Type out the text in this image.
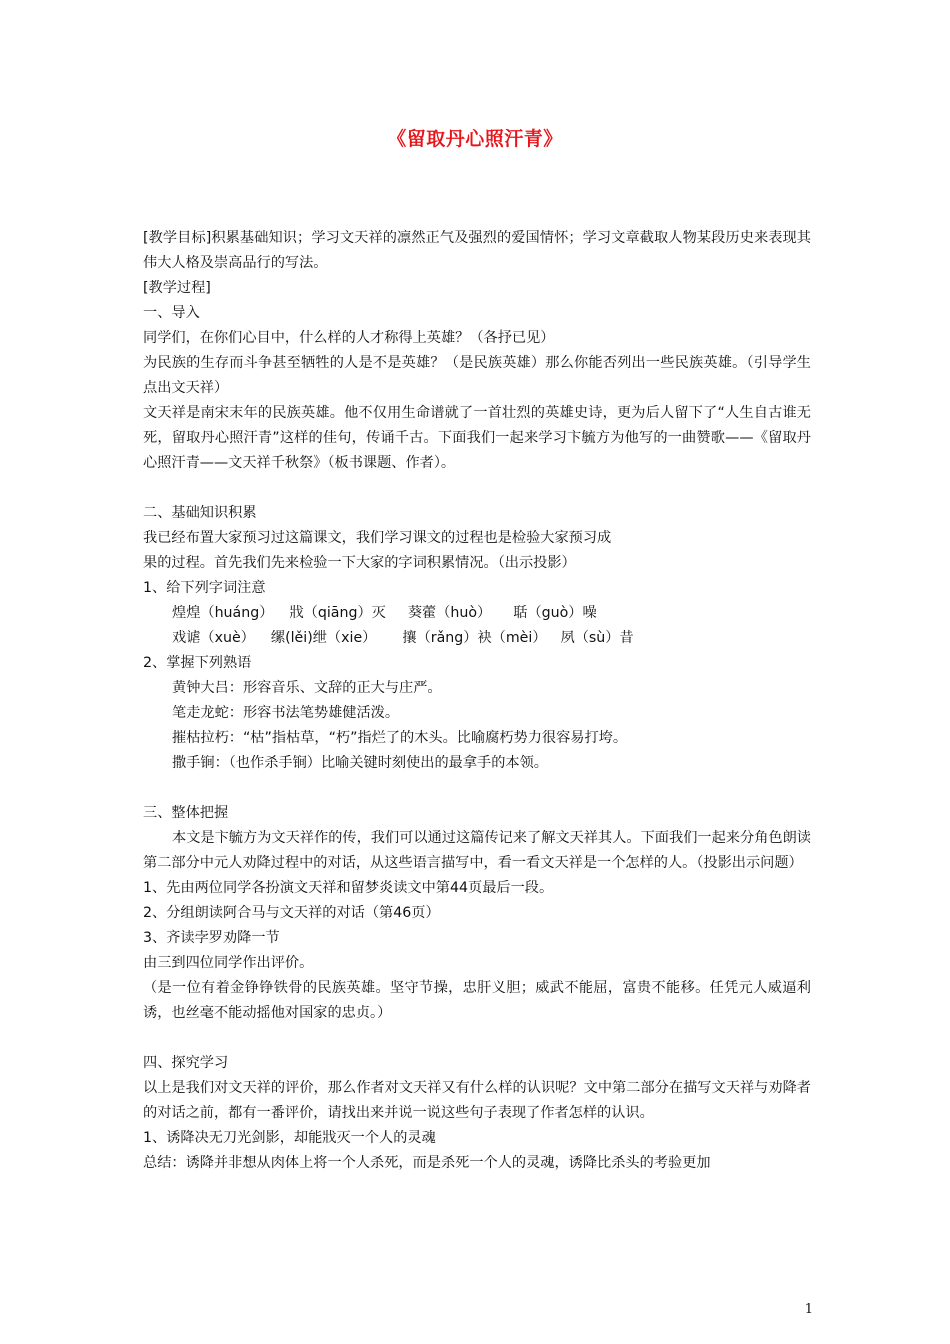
《留取丹心照汗青》

[教学目标]积累基础知识；学习文天祥的凛然正气及强烈的爱国情怀；学习文章截取人物某段历史来表现其伟大人格及崇高品行的写法。

[教学过程]

一、导入

同学们，在你们心目中，什么样的人才称得上英雄？（各抒已见）

为民族的生存而斗争甚至牺牲的人是不是英雄？（是民族英雄）那么你能否列出一些民族英雄。（引导学生点出文天祥）

文天祥是南宋末年的民族英雄。他不仅用生命谱就了一首壮烈的英雄史诗，更为后人留下了“人生自古谁无死，留取丹心照汗青”这样的佳句，传诵千古。下面我们一起来学习卞毓方为他写的一曲赞歌——《留取丹心照汗青——文天祥千秋祭》（板书课题、作者）。

二、基础知识积累

我已经布置大家预习过这篇课文，我们学习课文的过程也是检验大家预习成

果的过程。首先我们先来检验一下大家的字词积累情况。（出示投影）

1、给下列字词注意

煌煌（huáng） 戕（qiāng）灭 葵藿（huò） 聒（guò）噪

戏谑（xuè） 缧(lěi)绁（xie） 攘（rǎng）袂（mèi） 夙（sù）昔

2、掌握下列熟语

黄钟大吕：形容音乐、文辞的正大与庄严。

笔走龙蛇：形容书法笔势雄健活泼。

摧枯拉朽：“枯”指枯草，“朽”指烂了的木头。比喻腐朽势力很容易打垮。

撒手锏：（也作杀手锏）比喻关键时刻使出的最拿手的本领。

三、整体把握

本文是卞毓方为文天祥作的传，我们可以通过这篇传记来了解文天祥其人。下面我们一起来分角色朗读第二部分中元人劝降过程中的对话，从这些语言描写中，看一看文天祥是一个怎样的人。（投影出示问题）

1、先由两位同学各扮演文天祥和留梦炎读文中第44页最后一段。

2、分组朗读阿合马与文天祥的对话（第46页）

3、齐读孛罗劝降一节

由三到四位同学作出评价。

（是一位有着金铮铮铁骨的民族英雄。坚守节操，忠肝义胆；威武不能屈，富贵不能移。任凭元人威逼利诱，也丝毫不能动摇他对国家的忠贞。）

四、探究学习

以上是我们对文天祥的评价，那么作者对文天祥又有什么样的认识呢？文中第二部分在描写文天祥与劝降者的对话之前，都有一番评价，请找出来并说一说这些句子表现了作者怎样的认识。

1、诱降决无刀光剑影，却能戕灭一个人的灵魂

总结：诱降并非想从肉体上将一个人杀死，而是杀死一个人的灵魂，诱降比杀头的考验更加

1
